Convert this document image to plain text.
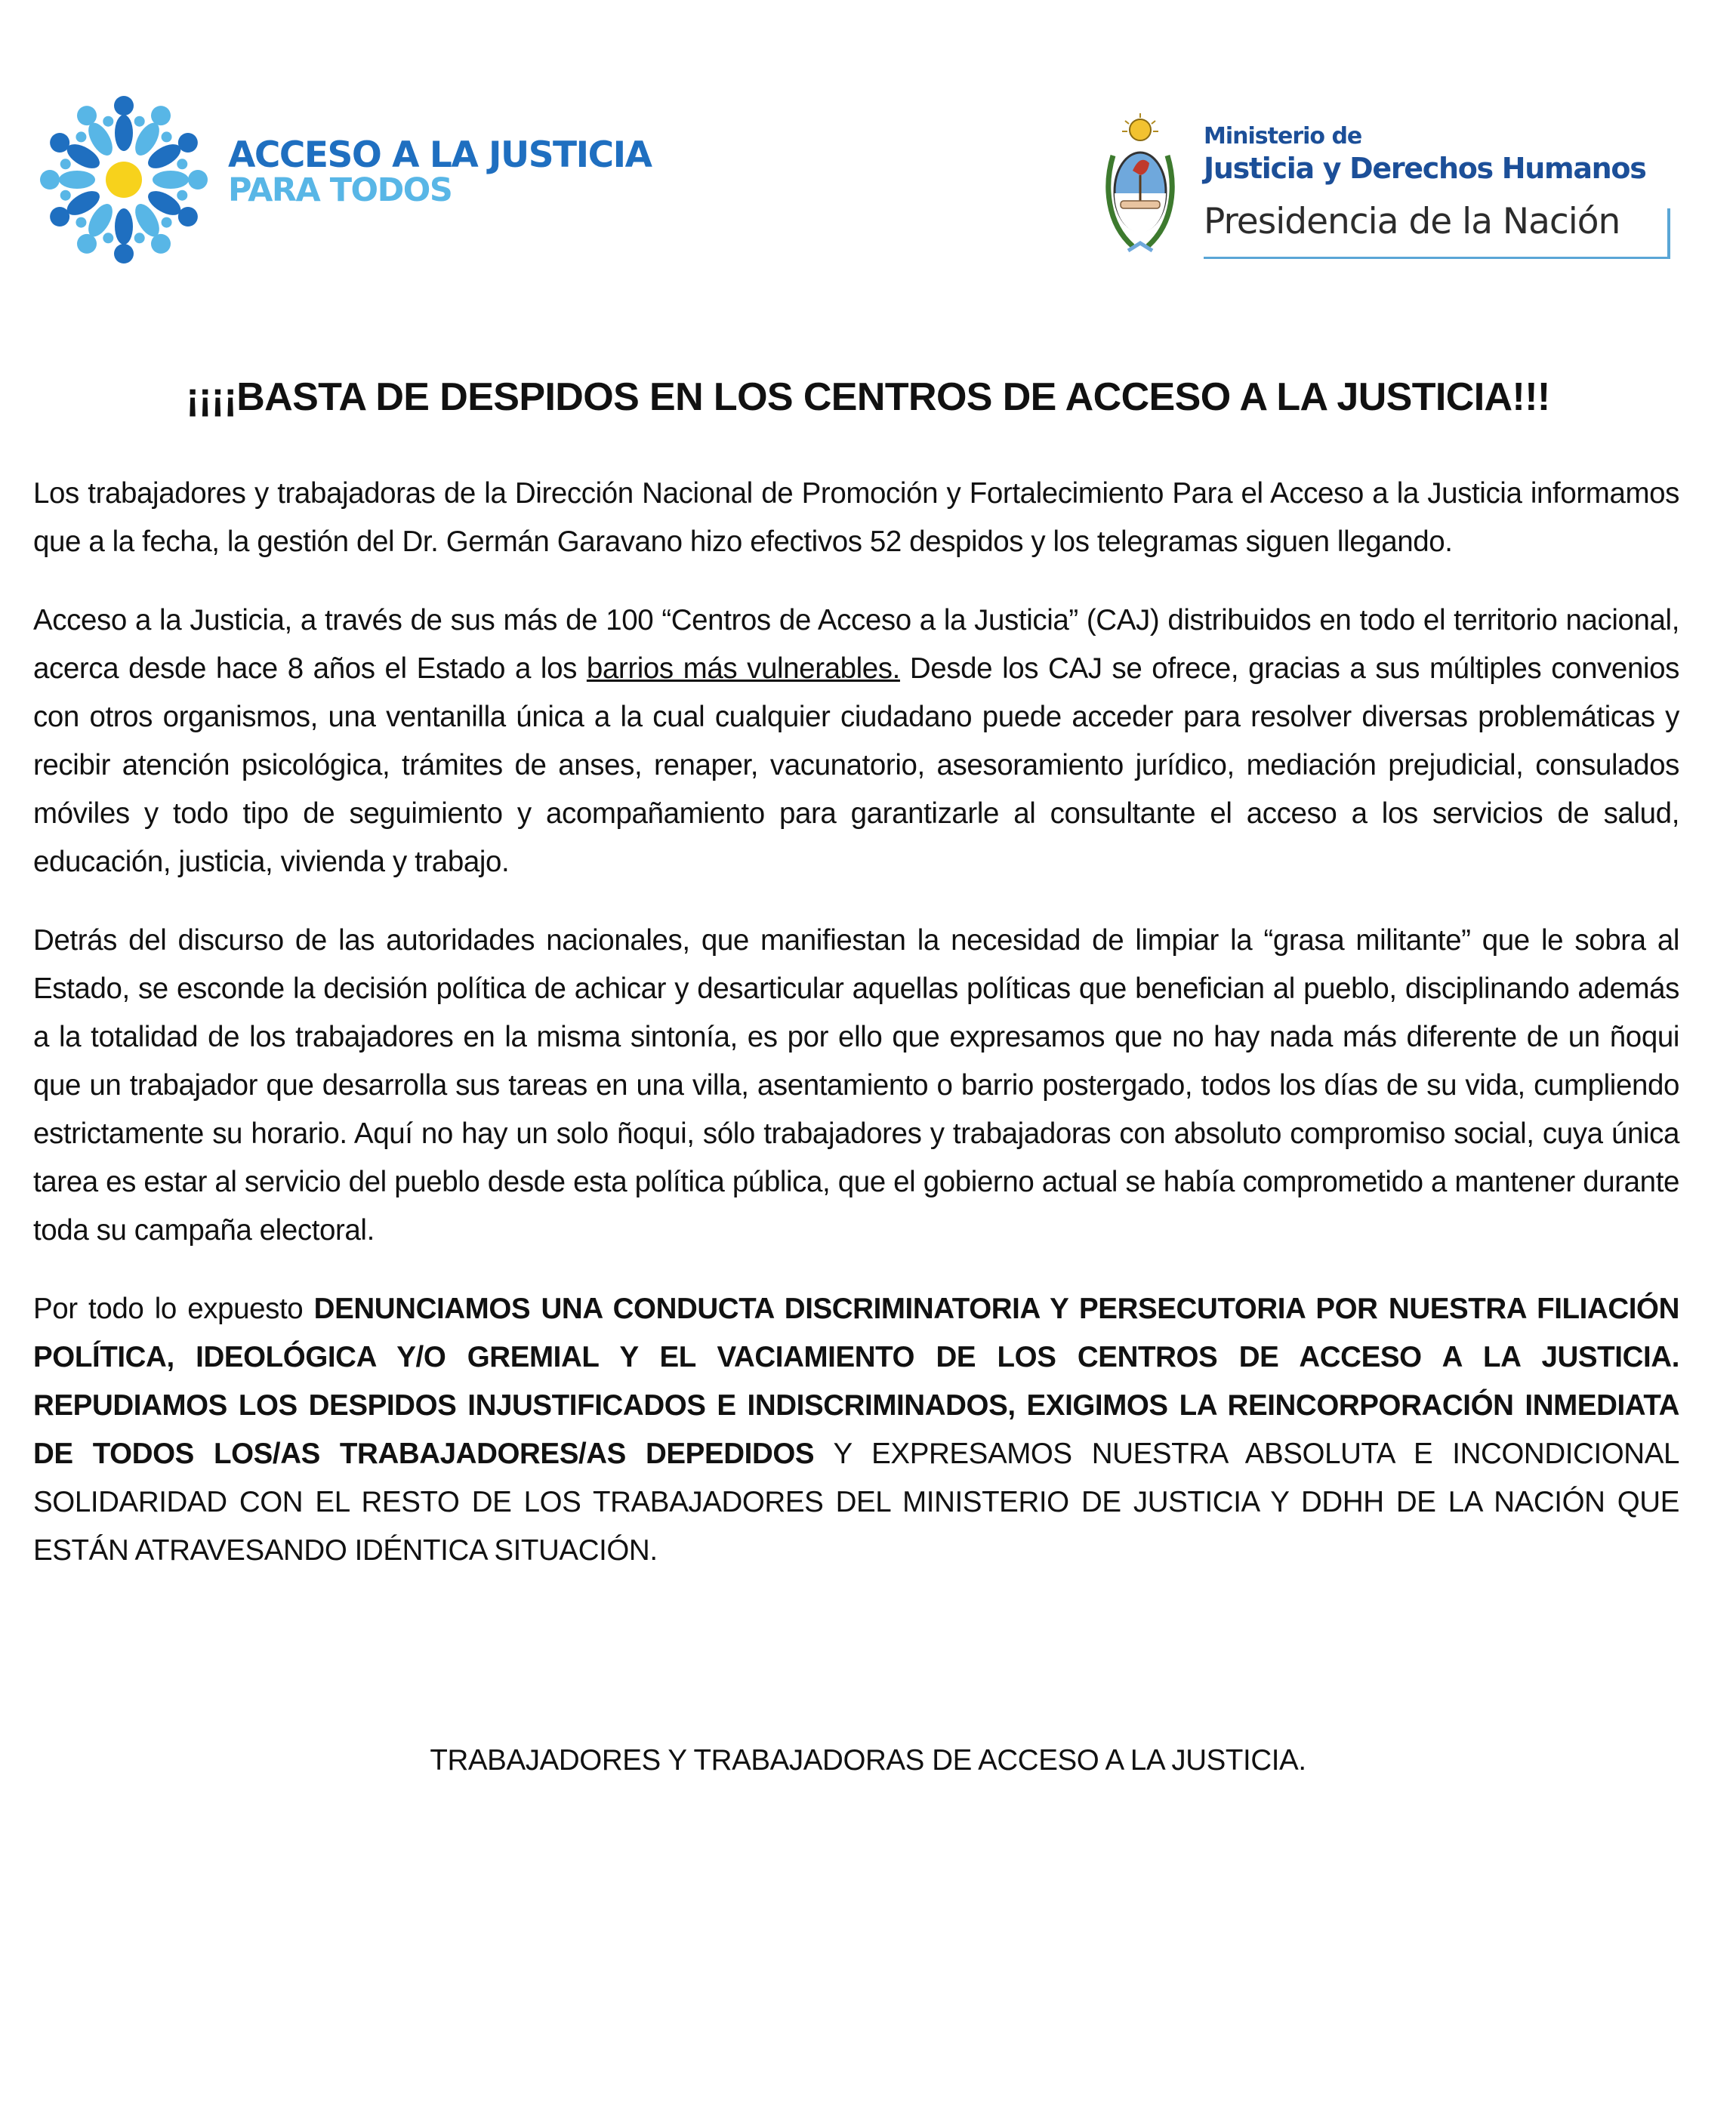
ACCESO A LA JUSTICIA
PARA TODOS
Ministerio de
Justicia y Derechos Humanos
Presidencia de la Nación
¡¡¡¡BASTA DE DESPIDOS EN LOS CENTROS DE ACCESO A LA JUSTICIA!!!

Los trabajadores y trabajadoras de la Dirección Nacional de Promoción y Fortalecimiento Para el Acceso a la Justicia informamos que a la fecha, la gestión del Dr. Germán Garavano hizo efectivos 52 despidos y los telegramas siguen llegando.

Acceso a la Justicia, a través de sus más de 100 “Centros de Acceso a la Justicia” (CAJ) distribuidos en todo el territorio nacional, acerca desde hace 8 años el Estado a los barrios más vulnerables. Desde los CAJ se ofrece, gracias a sus múltiples convenios con otros organismos, una ventanilla única a la cual cualquier ciudadano puede acceder para resolver diversas problemáticas y recibir atención psicológica, trámites de anses, renaper, vacunatorio, asesoramiento jurídico, mediación prejudicial, consulados móviles y todo tipo de seguimiento y acompañamiento para garantizarle al consultante el acceso a los servicios de salud, educación, justicia, vivienda y trabajo.

Detrás del discurso de las autoridades nacionales, que manifiestan la necesidad de limpiar la “grasa militante” que le sobra al Estado, se esconde la decisión política de achicar y desarticular aquellas políticas que benefician al pueblo, disciplinando además a la totalidad de los trabajadores en la misma sintonía, es por ello que expresamos que no hay nada más diferente de un ñoqui que un trabajador que desarrolla sus tareas en una villa, asentamiento o barrio postergado, todos los días de su vida, cumpliendo estrictamente su horario. Aquí no hay un solo ñoqui, sólo trabajadores y trabajadoras con absoluto compromiso social, cuya única tarea es estar al servicio del pueblo desde esta política pública, que el gobierno actual se había comprometido a mantener durante toda su campaña electoral.

Por todo lo expuesto DENUNCIAMOS UNA CONDUCTA DISCRIMINATORIA Y PERSECUTORIA POR NUESTRA FILIACIÓN POLÍTICA, IDEOLÓGICA Y/O GREMIAL Y EL VACIAMIENTO DE LOS CENTROS DE ACCESO A LA JUSTICIA. REPUDIAMOS LOS DESPIDOS INJUSTIFICADOS E INDISCRIMINADOS, EXIGIMOS LA REINCORPORACIÓN INMEDIATA DE TODOS LOS/AS TRABAJADORES/AS DEPEDIDOS Y EXPRESAMOS NUESTRA ABSOLUTA E INCONDICIONAL SOLIDARIDAD CON EL RESTO DE LOS TRABAJADORES DEL MINISTERIO DE JUSTICIA Y DDHH DE LA NACIÓN QUE ESTÁN ATRAVESANDO IDÉNTICA SITUACIÓN.

TRABAJADORES Y TRABAJADORAS DE ACCESO A LA JUSTICIA.
